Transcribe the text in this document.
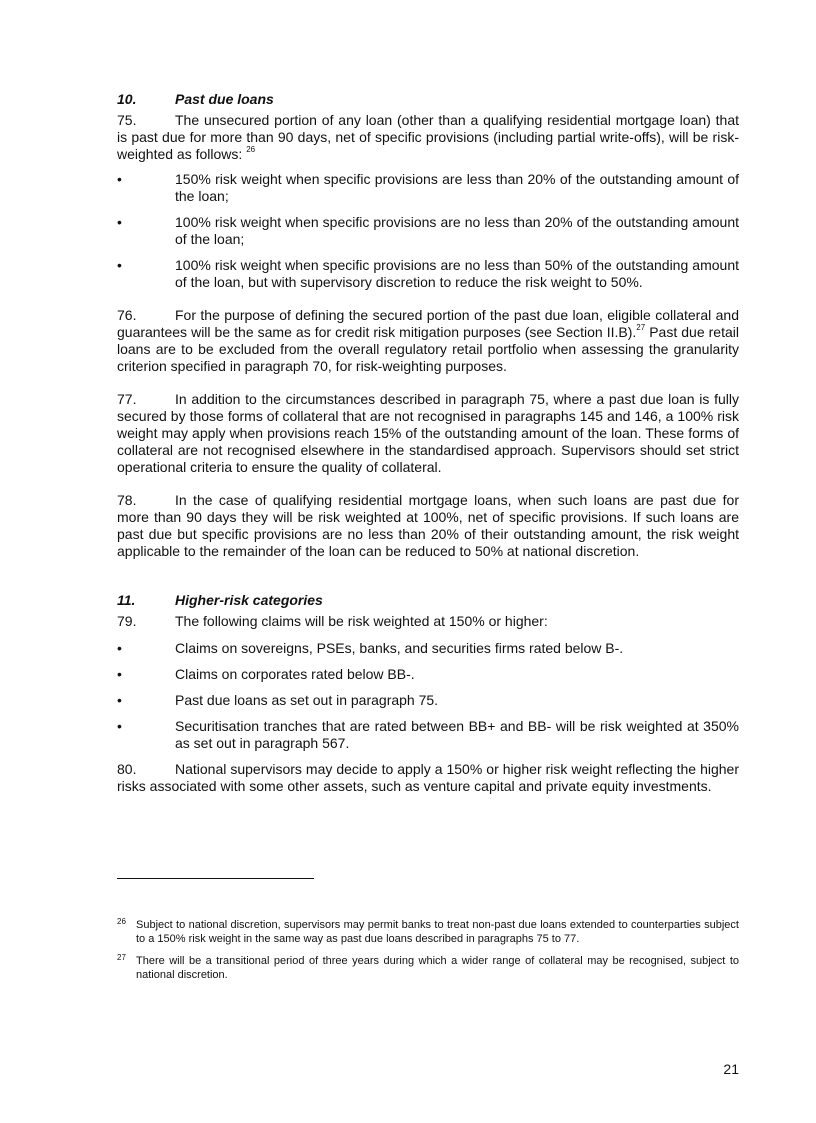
10.	Past due loans

75.	The unsecured portion of any loan (other than a qualifying residential mortgage loan) that is past due for more than 90 days, net of specific provisions (including partial write-offs), will be risk-weighted as follows: $^{26}$

•	150% risk weight when specific provisions are less than 20% of the outstanding amount of the loan;
•	100% risk weight when specific provisions are no less than 20% of the outstanding amount of the loan;
•	100% risk weight when specific provisions are no less than 50% of the outstanding amount of the loan, but with supervisory discretion to reduce the risk weight to 50%.

76.	For the purpose of defining the secured portion of the past due loan, eligible collateral and guarantees will be the same as for credit risk mitigation purposes (see Section II.B).$^{27}$ Past due retail loans are to be excluded from the overall regulatory retail portfolio when assessing the granularity criterion specified in paragraph 70, for risk-weighting purposes.

77.	In addition to the circumstances described in paragraph 75, where a past due loan is fully secured by those forms of collateral that are not recognised in paragraphs 145 and 146, a 100% risk weight may apply when provisions reach 15% of the outstanding amount of the loan. These forms of collateral are not recognised elsewhere in the standardised approach. Supervisors should set strict operational criteria to ensure the quality of collateral.

78.	In the case of qualifying residential mortgage loans, when such loans are past due for more than 90 days they will be risk weighted at 100%, net of specific provisions. If such loans are past due but specific provisions are no less than 20% of their outstanding amount, the risk weight applicable to the remainder of the loan can be reduced to 50% at national discretion.

11.	Higher-risk categories

79.	The following claims will be risk weighted at 150% or higher:

•	Claims on sovereigns, PSEs, banks, and securities firms rated below B-.
•	Claims on corporates rated below BB-.
•	Past due loans as set out in paragraph 75.
•	Securitisation tranches that are rated between BB+ and BB- will be risk weighted at 350% as set out in paragraph 567.

80.	National supervisors may decide to apply a 150% or higher risk weight reflecting the higher risks associated with some other assets, such as venture capital and private equity investments.

26 Subject to national discretion, supervisors may permit banks to treat non-past due loans extended to counterparties subject to a 150% risk weight in the same way as past due loans described in paragraphs 75 to 77.
27 There will be a transitional period of three years during which a wider range of collateral may be recognised, subject to national discretion.
21
